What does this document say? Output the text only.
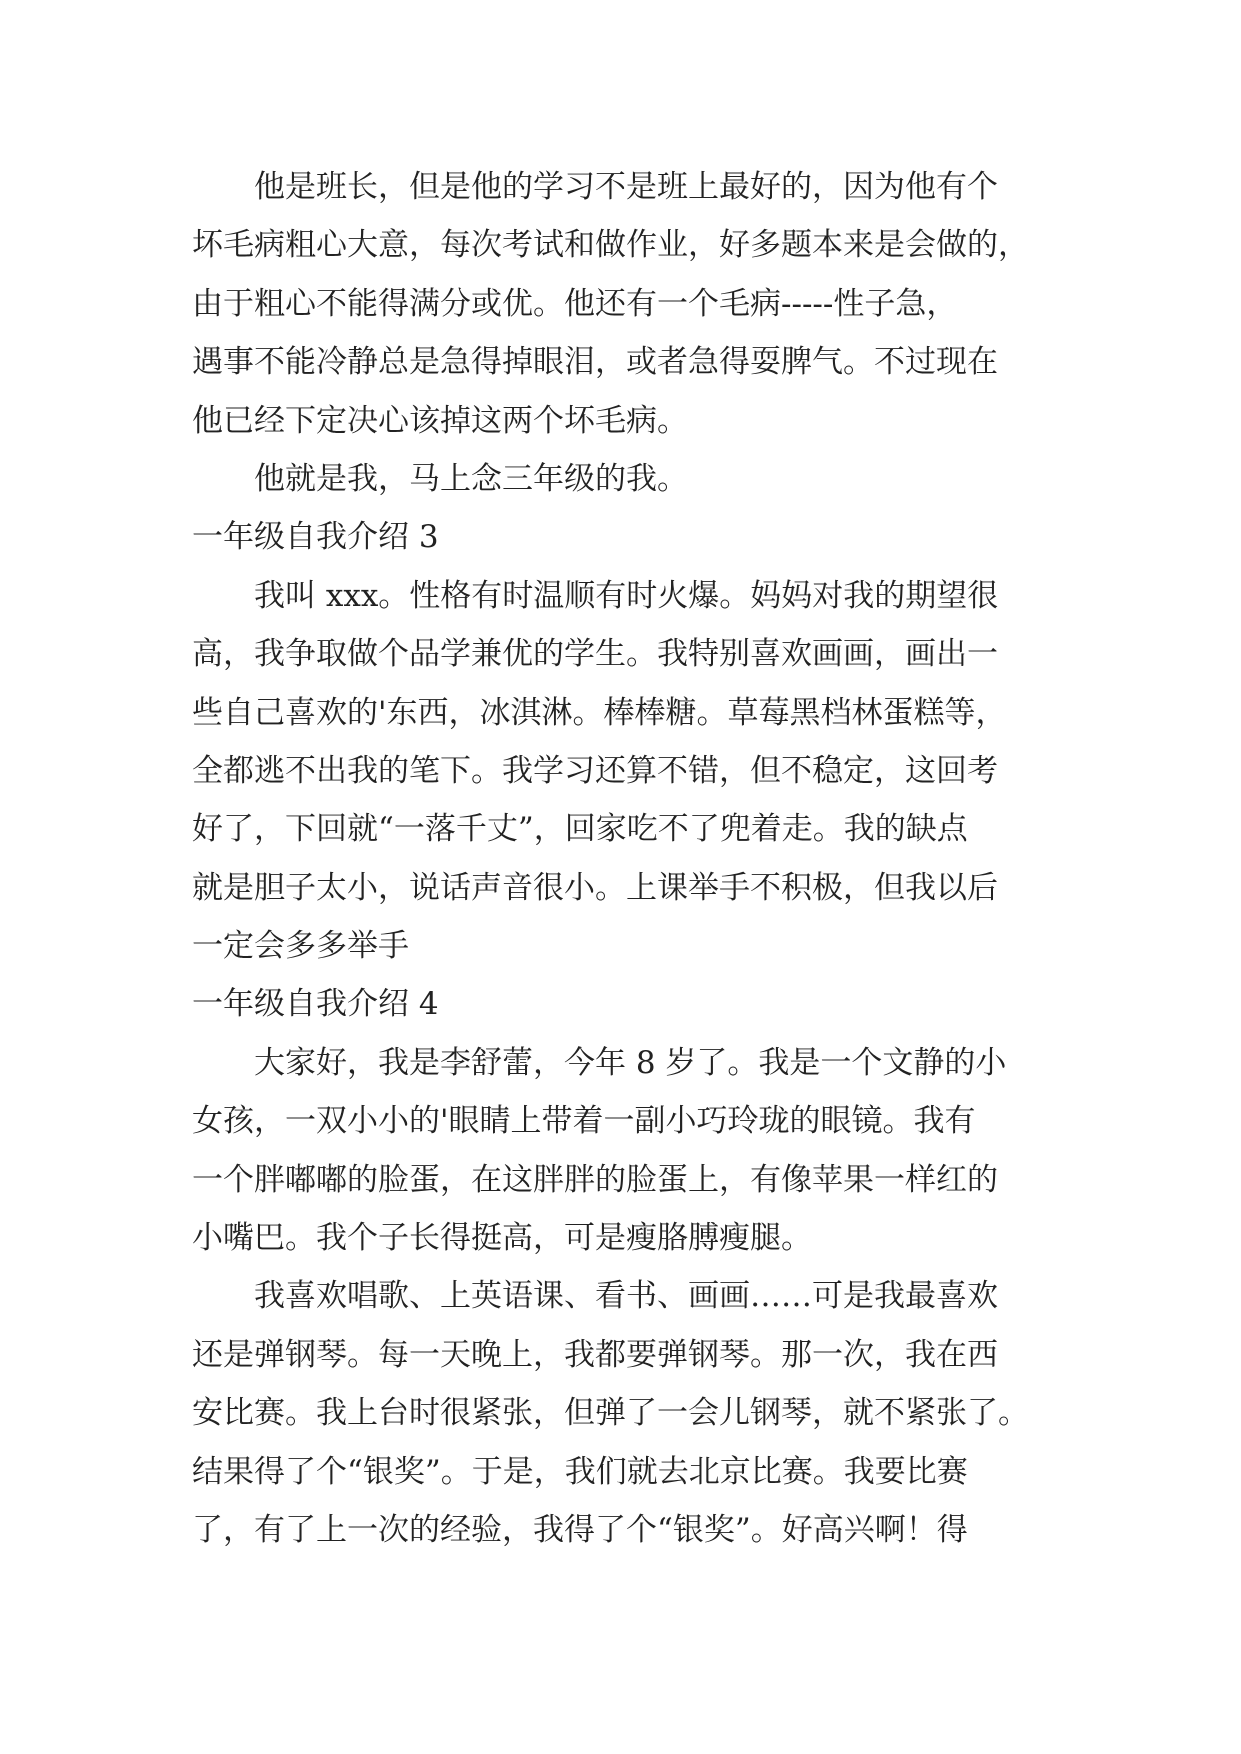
他是班长，但是他的学习不是班上最好的，因为他有个
坏毛病粗心大意，每次考试和做作业，好多题本来是会做的，
由于粗心不能得满分或优。他还有一个毛病-----性子急，
遇事不能冷静总是急得掉眼泪，或者急得耍脾气。不过现在
他已经下定决心该掉这两个坏毛病。
他就是我，马上念三年级的我。
一年级自我介绍 3
我叫 xxx。性格有时温顺有时火爆。妈妈对我的期望很
高，我争取做个品学兼优的学生。我特别喜欢画画，画出一
些自己喜欢的'东西，冰淇淋。棒棒糖。草莓黑档林蛋糕等，
全都逃不出我的笔下。我学习还算不错，但不稳定，这回考
好了，下回就“一落千丈”，回家吃不了兜着走。我的缺点
就是胆子太小，说话声音很小。上课举手不积极，但我以后
一定会多多举手
一年级自我介绍 4
大家好，我是李舒蕾，今年 8 岁了。我是一个文静的小
女孩，一双小小的'眼睛上带着一副小巧玲珑的眼镜。我有
一个胖嘟嘟的脸蛋，在这胖胖的脸蛋上，有像苹果一样红的
小嘴巴。我个子长得挺高，可是瘦胳膊瘦腿。
我喜欢唱歌、上英语课、看书、画画……可是我最喜欢
还是弹钢琴。每一天晚上，我都要弹钢琴。那一次，我在西
安比赛。我上台时很紧张，但弹了一会儿钢琴，就不紧张了。
结果得了个“银奖”。于是，我们就去北京比赛。我要比赛
了，有了上一次的经验，我得了个“银奖”。好高兴啊！得
